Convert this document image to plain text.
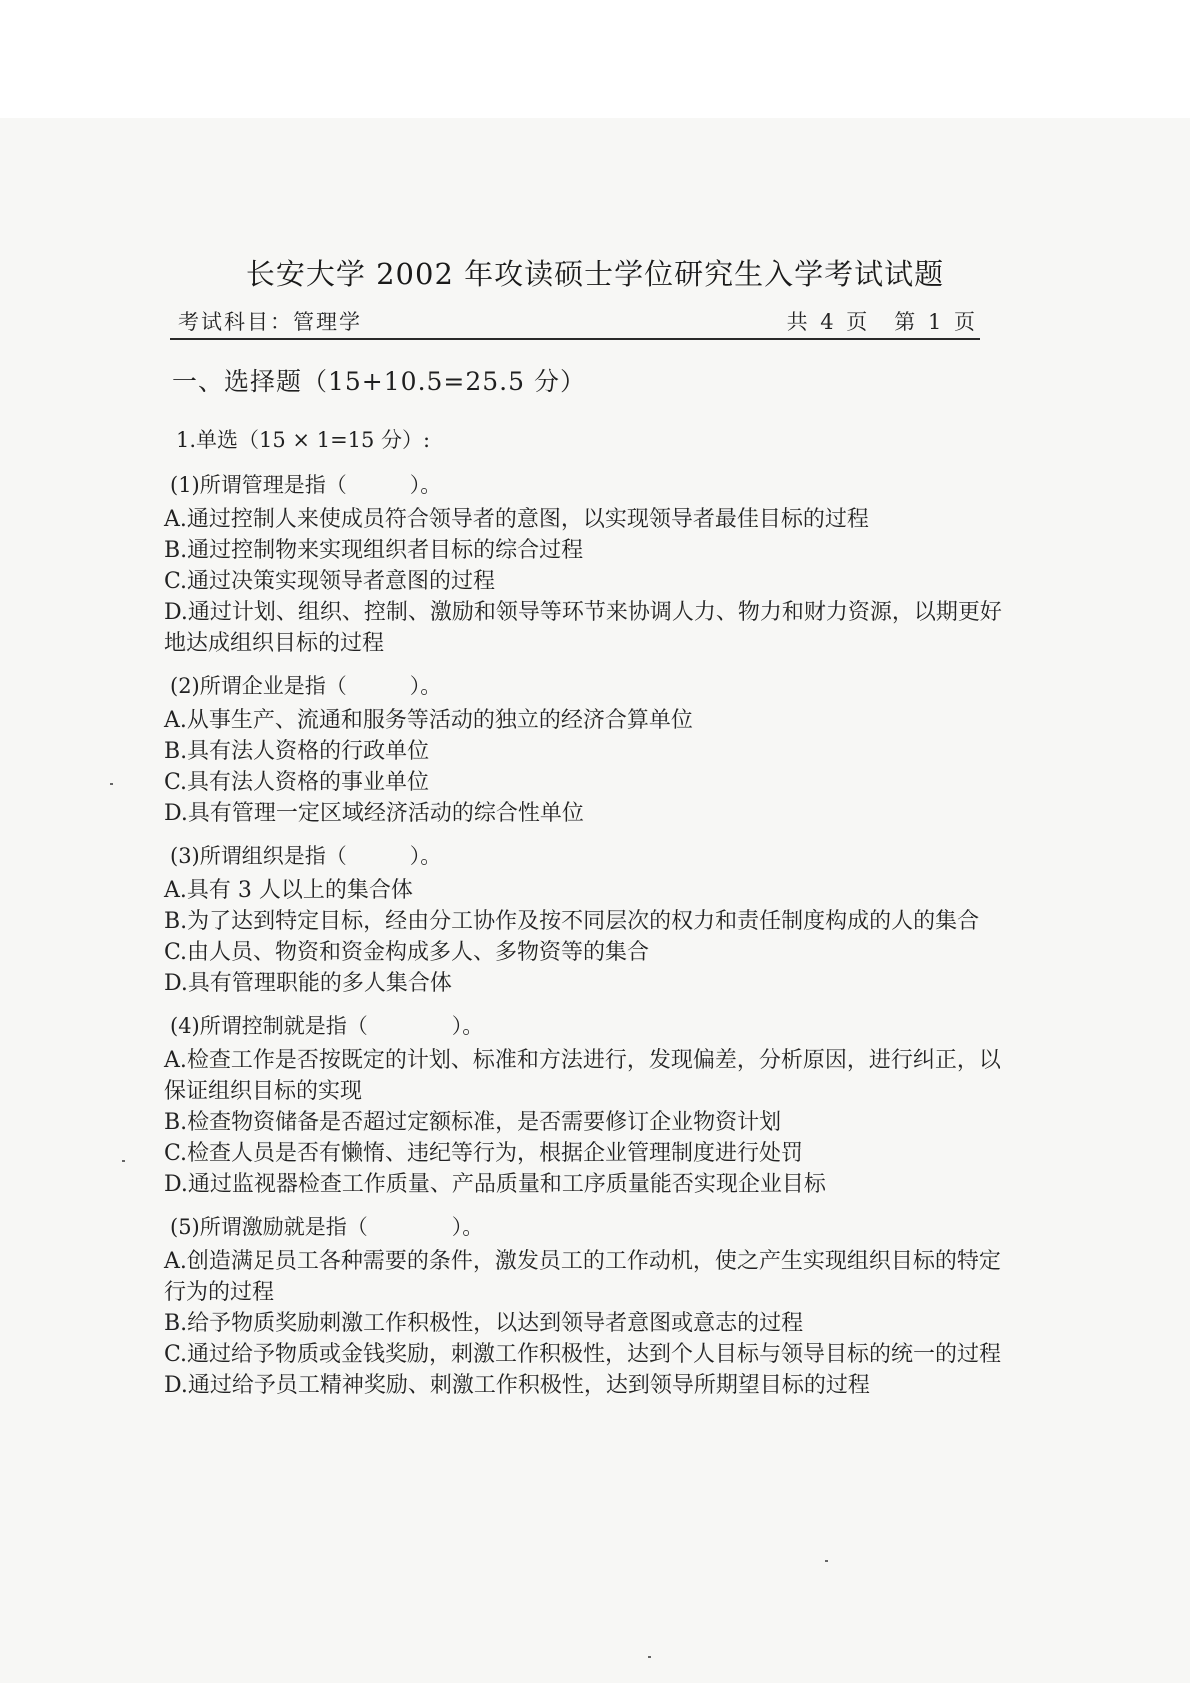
长安大学 2002 年攻读硕士学位研究生入学考试试题
考试科目：管理学	共 4 页　第 1 页
一、选择题（15+10.5=25.5 分）
1.单选（15 × 1=15 分）:
(1)所谓管理是指（　　　）。
A.通过控制人来使成员符合领导者的意图，以实现领导者最佳目标的过程
B.通过控制物来实现组织者目标的综合过程
C.通过决策实现领导者意图的过程
D.通过计划、组织、控制、激励和领导等环节来协调人力、物力和财力资源，以期更好地达成组织目标的过程
(2)所谓企业是指（　　　）。
A.从事生产、流通和服务等活动的独立的经济合算单位
B.具有法人资格的行政单位
C.具有法人资格的事业单位
D.具有管理一定区域经济活动的综合性单位
(3)所谓组织是指（　　　）。
A.具有 3 人以上的集合体
B.为了达到特定目标，经由分工协作及按不同层次的权力和责任制度构成的人的集合
C.由人员、物资和资金构成多人、多物资等的集合
D.具有管理职能的多人集合体
(4)所谓控制就是指（　　　　）。
A.检查工作是否按既定的计划、标准和方法进行，发现偏差，分析原因，进行纠正，以保证组织目标的实现
B.检查物资储备是否超过定额标准，是否需要修订企业物资计划
C.检查人员是否有懒惰、违纪等行为，根据企业管理制度进行处罚
D.通过监视器检查工作质量、产品质量和工序质量能否实现企业目标
(5)所谓激励就是指（　　　　）。
A.创造满足员工各种需要的条件，激发员工的工作动机，使之产生实现组织目标的特定行为的过程
B.给予物质奖励刺激工作积极性，以达到领导者意图或意志的过程
C.通过给予物质或金钱奖励，刺激工作积极性，达到个人目标与领导目标的统一的过程
D.通过给予员工精神奖励、刺激工作积极性，达到领导所期望目标的过程
